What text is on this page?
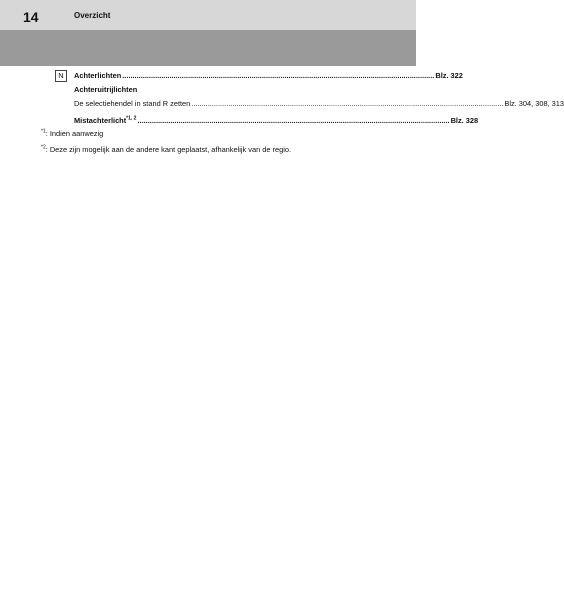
14	Overzicht
N	Achterlichten ........................................................................................................................................................ Blz. 322
Achteruitrijlichten
De selectiehendel in stand R zetten ........................................................................................................................................................ Blz. 304, 308, 313
Mistachterlicht$^{*1, 2}$ ........................................................................................................................................................ Blz. 328
$^{*1}$: Indien aanwezig
$^{*2}$: Deze zijn mogelijk aan de andere kant geplaatst, afhankelijk van de regio.
